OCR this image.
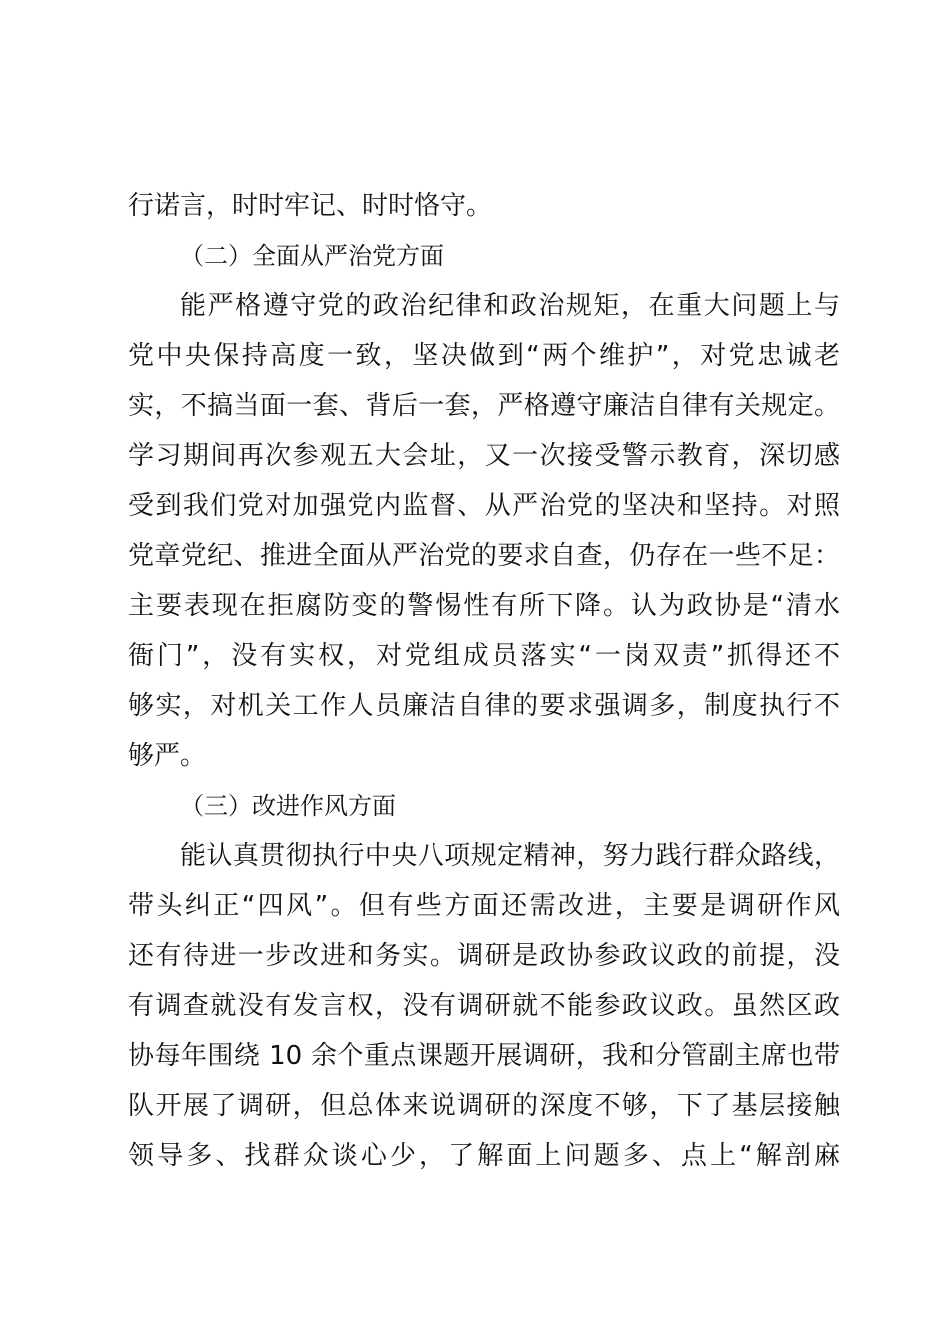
行诺言，时时牢记、时时恪守。
（二）全面从严治党方面
能严格遵守党的政治纪律和政治规矩，在重大问题上与
党中央保持高度一致，坚决做到“两个维护”，对党忠诚老
实，不搞当面一套、背后一套，严格遵守廉洁自律有关规定。
学习期间再次参观五大会址，又一次接受警示教育，深切感
受到我们党对加强党内监督、从严治党的坚决和坚持。对照
党章党纪、推进全面从严治党的要求自查，仍存在一些不足：
主要表现在拒腐防变的警惕性有所下降。认为政协是“清水
衙门”，没有实权，对党组成员落实“一岗双责”抓得还不
够实，对机关工作人员廉洁自律的要求强调多，制度执行不
够严。
（三）改进作风方面
能认真贯彻执行中央八项规定精神，努力践行群众路线，
带头纠正“四风”。但有些方面还需改进，主要是调研作风
还有待进一步改进和务实。调研是政协参政议政的前提，没
有调查就没有发言权，没有调研就不能参政议政。虽然区政
协每年围绕 10 余个重点课题开展调研，我和分管副主席也带
队开展了调研，但总体来说调研的深度不够，下了基层接触
领导多、找群众谈心少，了解面上问题多、点上“解剖麻
